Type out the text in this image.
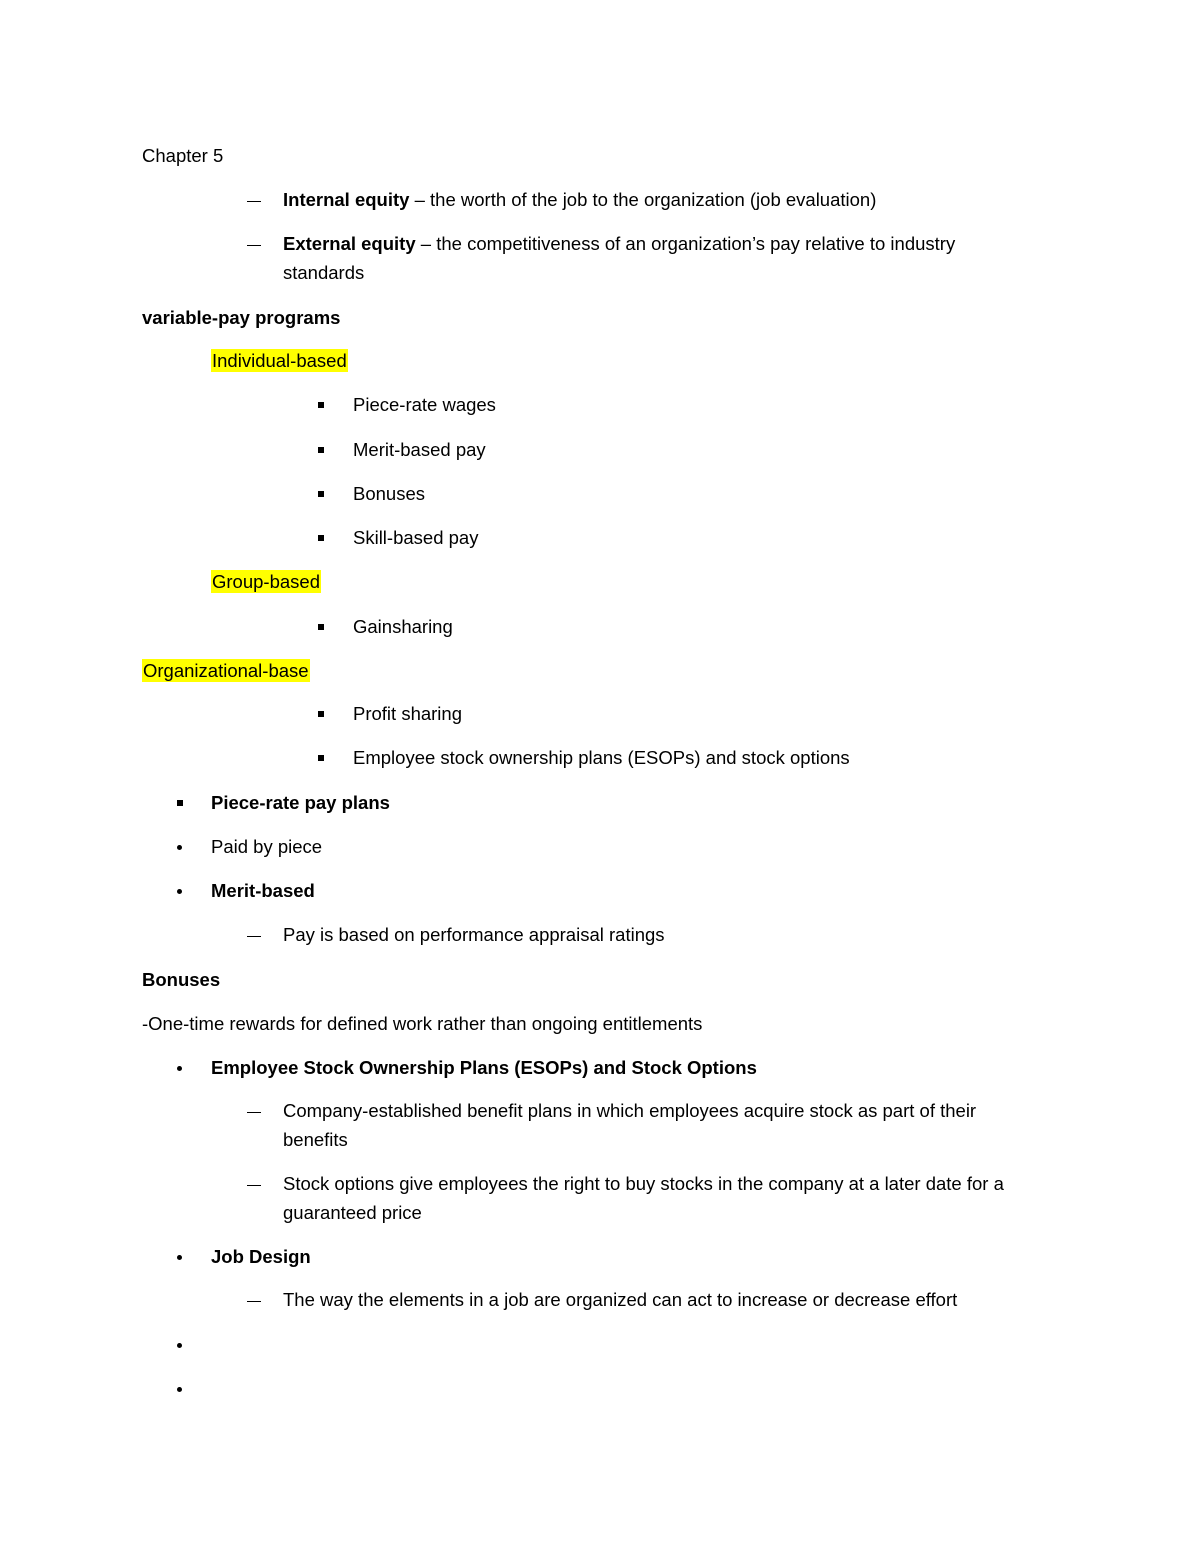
Chapter 5
Internal equity – the worth of the job to the organization (job evaluation)
External equity – the competitiveness of an organization’s pay relative to industry standards
variable-pay programs
Individual-based
Piece-rate wages
Merit-based pay
Bonuses
Skill-based pay
Group-based
Gainsharing
Organizational-base
Profit sharing
Employee stock ownership plans (ESOPs) and stock options
Piece-rate pay plans
Paid by piece
Merit-based
Pay is based on performance appraisal ratings
Bonuses
-One-time rewards for defined work rather than ongoing entitlements
Employee Stock Ownership Plans (ESOPs) and Stock Options
Company-established benefit plans in which employees acquire stock as part of their benefits
Stock options give employees the right to buy stocks in the company at a later date for a guaranteed price
Job Design
The way the elements in a job are organized can act to increase or decrease effort
